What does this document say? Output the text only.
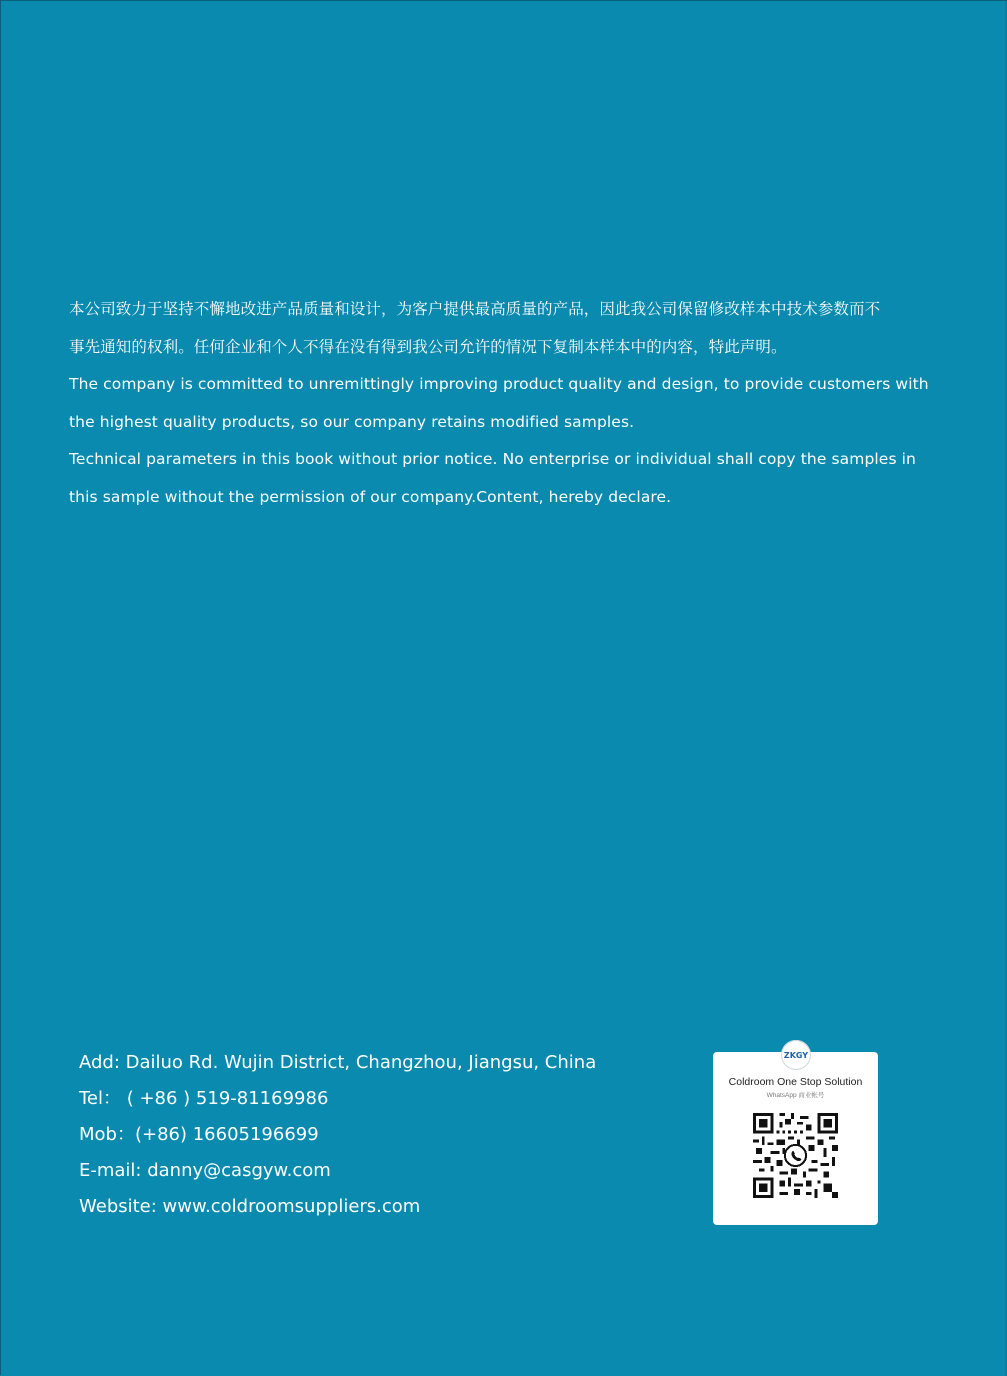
本公司致力于坚持不懈地改进产品质量和设计，为客户提供最高质量的产品，因此我公司保留修改样本中技术参数而不

事先通知的权利。任何企业和个人不得在没有得到我公司允许的情况下复制本样本中的内容，特此声明。

The company is committed to unremittingly improving product quality and design, to provide customers with

the highest quality products, so our company retains modified samples.

Technical parameters in this book without prior notice. No enterprise or individual shall copy the samples in

this sample without the permission of our company.Content, hereby declare.

Add: Dailuo Rd. Wujin District, Changzhou, Jiangsu, China
Tel： ( +86 ) 519-81169986
Mob：(+86) 16605196699
E-mail: danny@casgyw.com
Website: www.coldroomsuppliers.com
ZKGY
Coldroom One Stop Solution
WhatsApp 商业帐号
